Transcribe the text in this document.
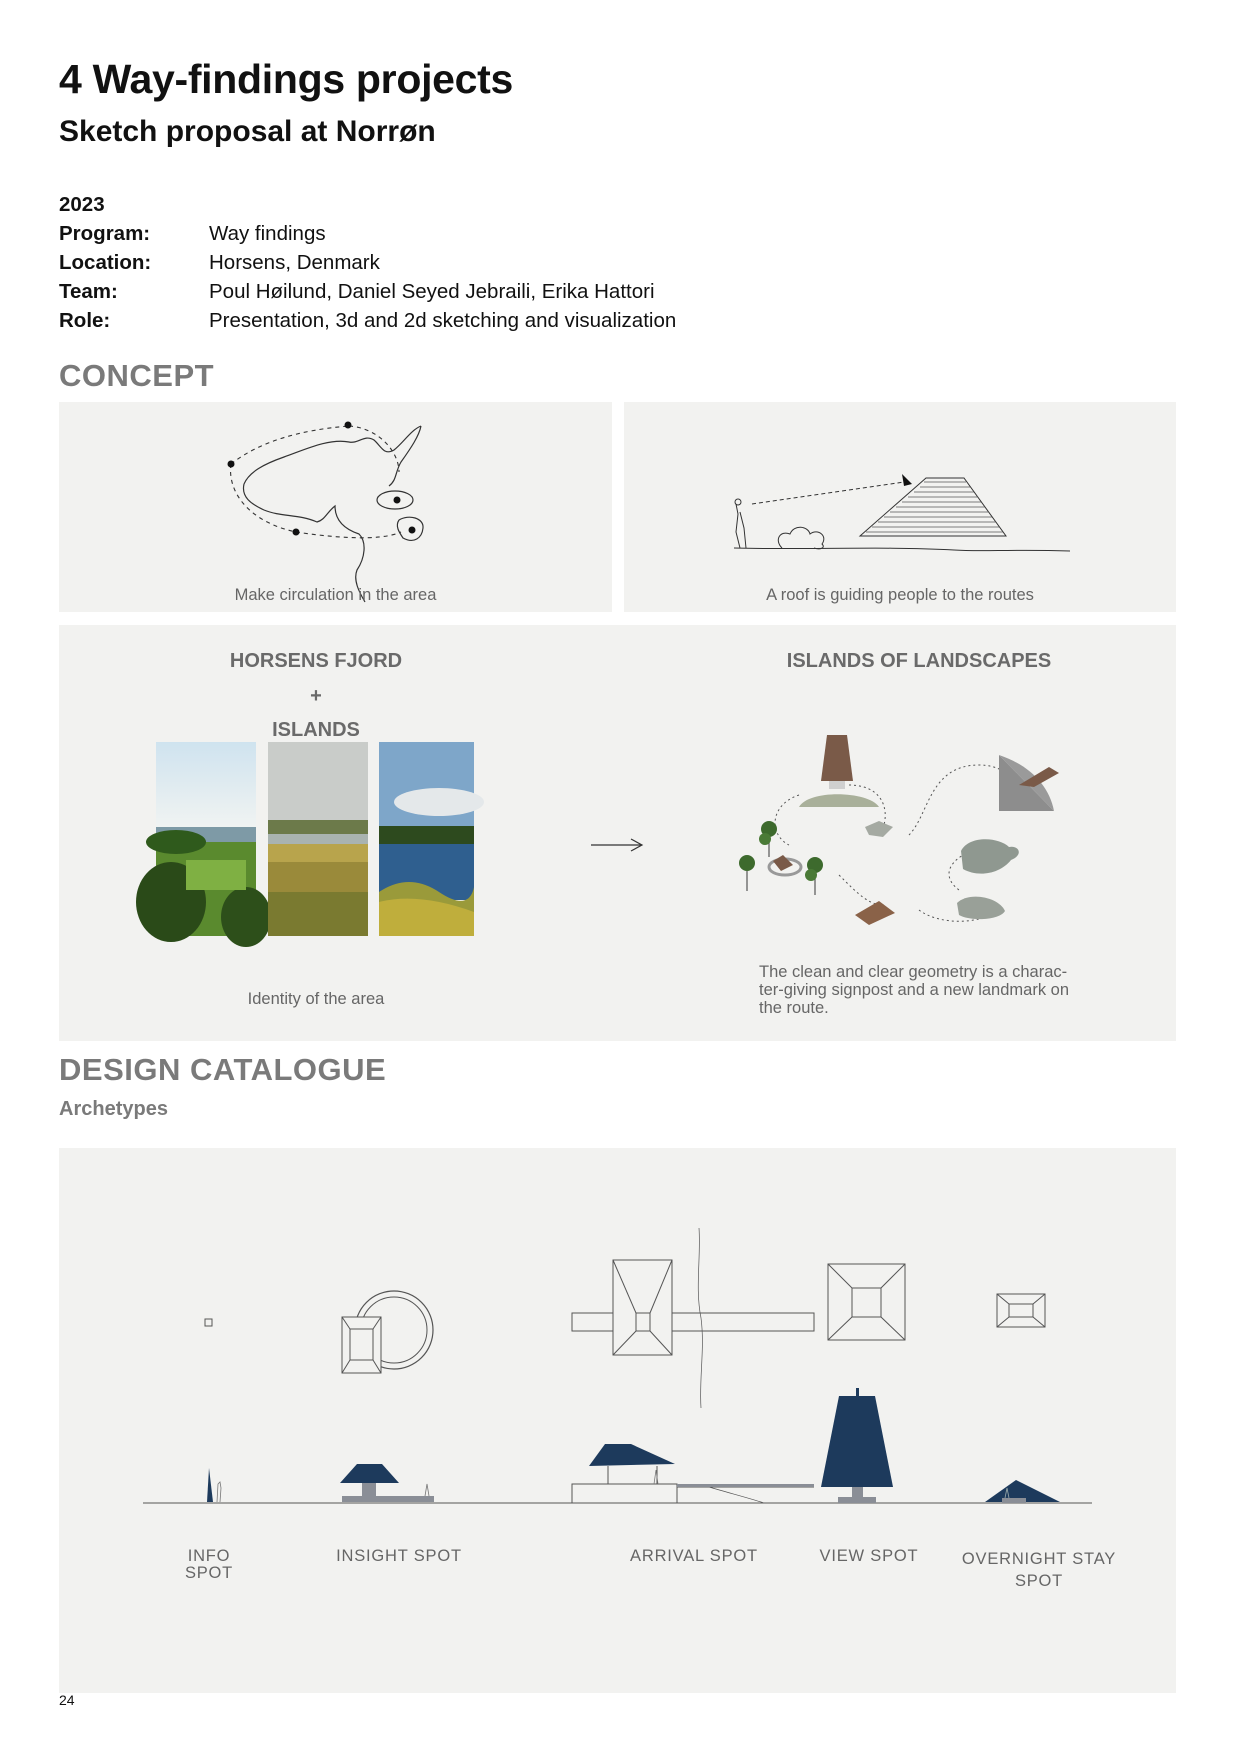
4 Way-findings projects
Sketch proposal at Norrøn
2023
Program:	Way findings
Location:	Horsens, Denmark
Team:	Poul Høilund, Daniel Seyed Jebraili, Erika Hattori
Role:	Presentation, 3d and 2d sketching and visualization
CONCEPT
Make circulation in the area	A roof is guiding people to the routes
HORSENS FJORD
+
ISLANDS
Identity of the area
ISLANDS OF LANDSCAPES
The clean and clear geometry is a charac-ter-giving signpost and a new landmark on the route.
DESIGN CATALOGUE
Archetypes
INFO
SPOT
INSIGHT SPOT	ARRIVAL SPOT	VIEW SPOT	OVERNIGHT STAY
SPOT
24
